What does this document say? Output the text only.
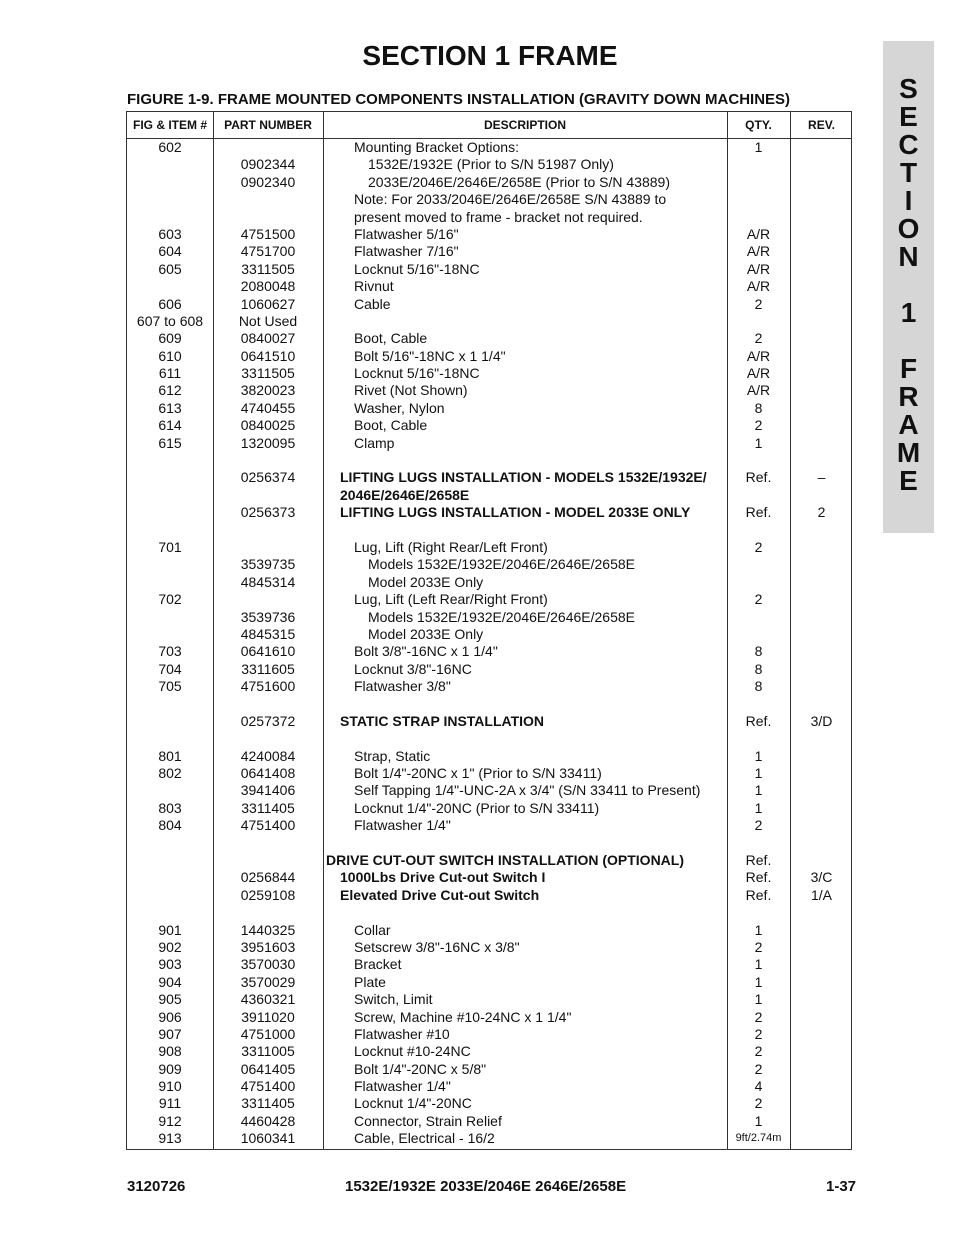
SECTION 1 FRAME
S
E
C
T
I
O
N
1
F
R
A
M
E

FIGURE 1-9. FRAME MOUNTED COMPONENTS INSTALLATION (GRAVITY DOWN MACHINES)

FIG & ITEM #	PART NUMBER	DESCRIPTION	QTY.	REV.
602	Mounting Bracket Options:	1
0902344	1532E/1932E (Prior to S/N 51987 Only)
0902340	2033E/2046E/2646E/2658E (Prior to S/N 43889)
Note: For 2033/2046E/2646E/2658E S/N 43889 to
present moved to frame - bracket not required.
603	4751500	Flatwasher 5/16"	A/R
604	4751700	Flatwasher 7/16"	A/R
605	3311505	Locknut 5/16"-18NC	A/R
2080048	Rivnut	A/R
606	1060627	Cable	2
607 to 608	Not Used
609	0840027	Boot, Cable	2
610	0641510	Bolt 5/16"-18NC x 1 1/4"	A/R
611	3311505	Locknut 5/16"-18NC	A/R
612	3820023	Rivet (Not Shown)	A/R
613	4740455	Washer, Nylon	8
614	0840025	Boot, Cable	2
615	1320095	Clamp	1
0256374	LIFTING LUGS INSTALLATION - MODELS 1532E/1932E/	Ref.	–
2046E/2646E/2658E
0256373	LIFTING LUGS INSTALLATION - MODEL 2033E ONLY	Ref.	2
701	Lug, Lift (Right Rear/Left Front)	2
3539735	Models 1532E/1932E/2046E/2646E/2658E
4845314	Model 2033E Only
702	Lug, Lift (Left Rear/Right Front)	2
3539736	Models 1532E/1932E/2046E/2646E/2658E
4845315	Model 2033E Only
703	0641610	Bolt 3/8"-16NC x 1 1/4"	8
704	3311605	Locknut 3/8"-16NC	8
705	4751600	Flatwasher 3/8"	8
0257372	STATIC STRAP INSTALLATION	Ref.	3/D
801	4240084	Strap, Static	1
802	0641408	Bolt 1/4"-20NC x 1" (Prior to S/N 33411)	1
3941406	Self Tapping 1/4"-UNC-2A x 3/4" (S/N 33411 to Present)	1
803	3311405	Locknut 1/4"-20NC (Prior to S/N 33411)	1
804	4751400	Flatwasher 1/4"	2
DRIVE CUT-OUT SWITCH INSTALLATION (OPTIONAL)	Ref.
0256844	1000Lbs Drive Cut-out Switch I	Ref.	3/C
0259108	Elevated Drive Cut-out Switch	Ref.	1/A
901	1440325	Collar	1
902	3951603	Setscrew 3/8"-16NC x 3/8"	2
903	3570030	Bracket	1
904	3570029	Plate	1
905	4360321	Switch, Limit	1
906	3911020	Screw, Machine #10-24NC x 1 1/4"	2
907	4751000	Flatwasher #10	2
908	3311005	Locknut #10-24NC	2
909	0641405	Bolt 1/4"-20NC x 5/8"	2
910	4751400	Flatwasher 1/4"	4
911	3311405	Locknut 1/4"-20NC	2
912	4460428	Connector, Strain Relief	1
913	1060341	Cable, Electrical - 16/2	9ft/2.74m
3120726	1532E/1932E 2033E/2046E 2646E/2658E	1-37
